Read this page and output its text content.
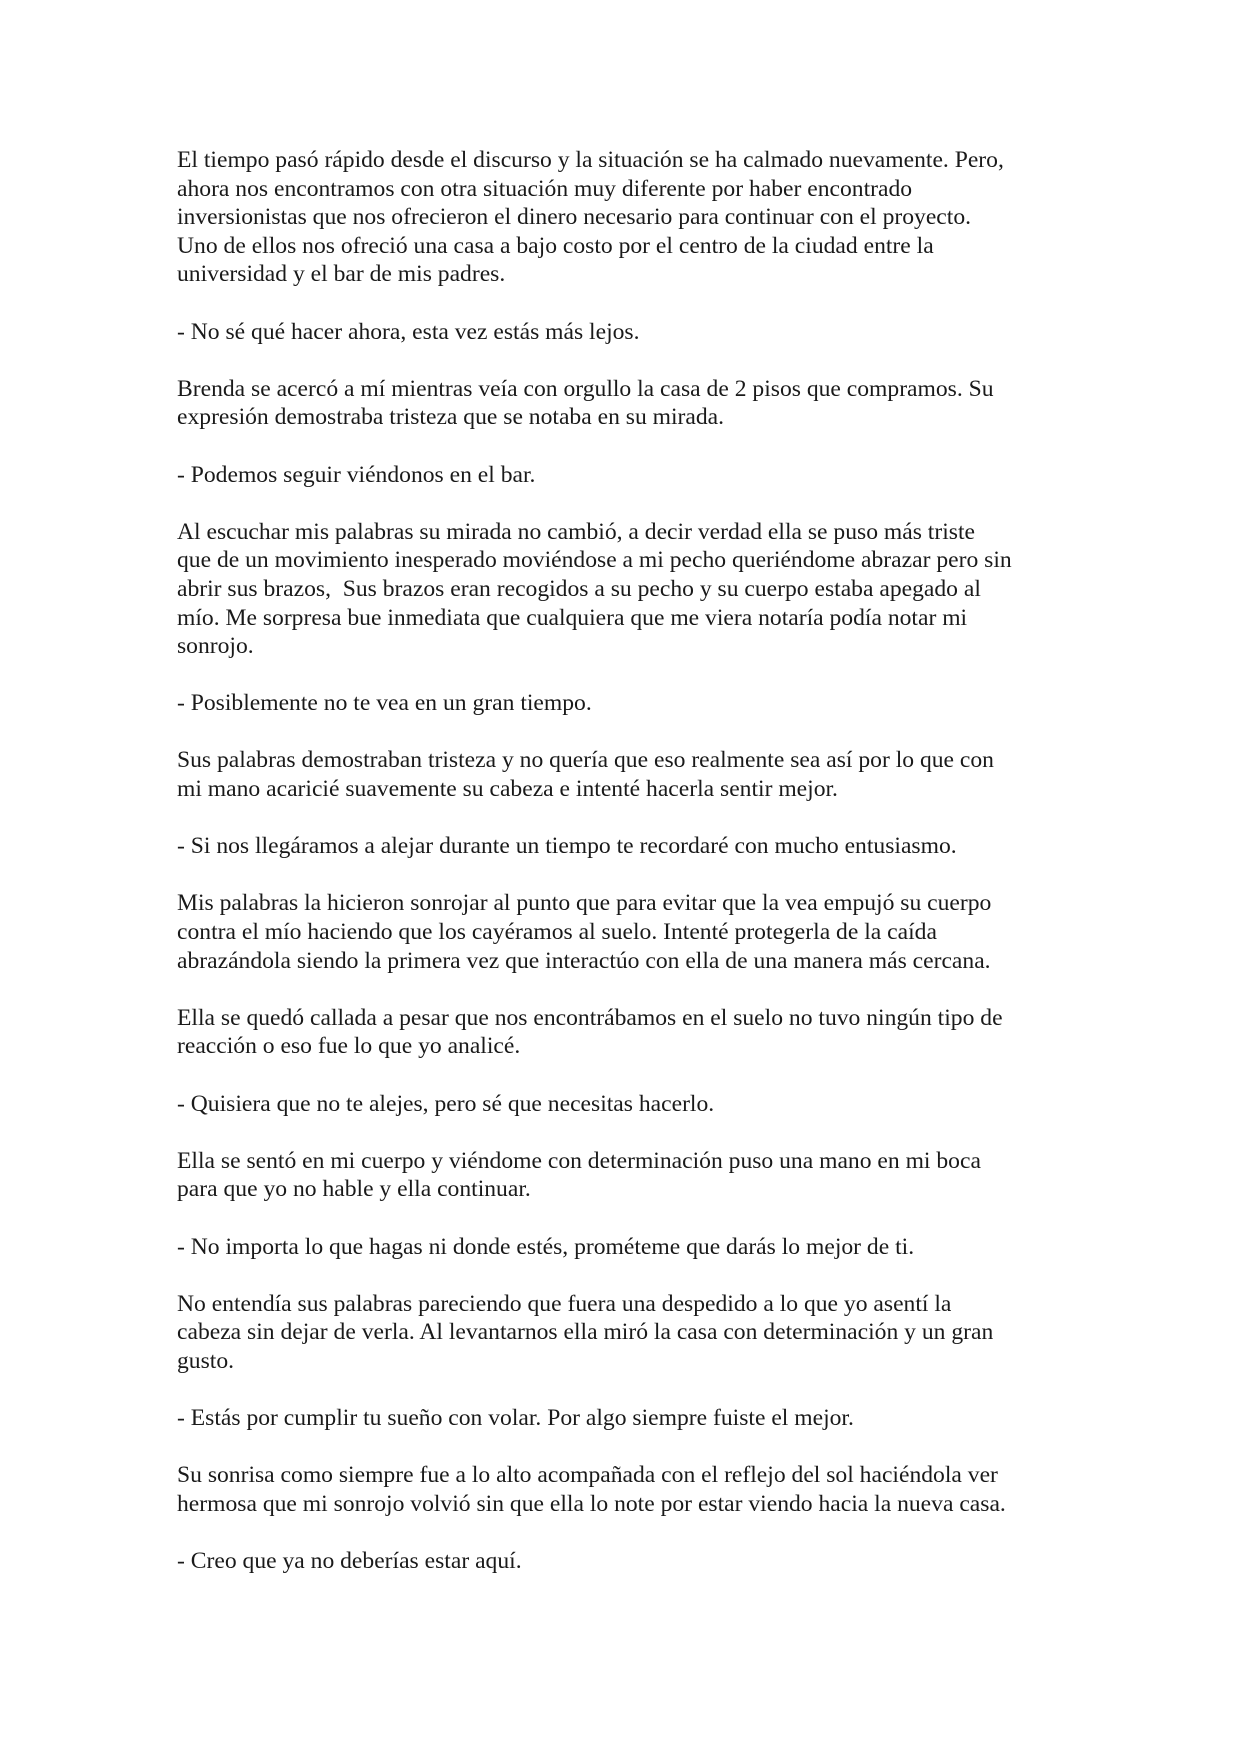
El tiempo pasó rápido desde el discurso y la situación se ha calmado nuevamente. Pero,
ahora nos encontramos con otra situación muy diferente por haber encontrado
inversionistas que nos ofrecieron el dinero necesario para continuar con el proyecto.
Uno de ellos nos ofreció una casa a bajo costo por el centro de la ciudad entre la
universidad y el bar de mis padres.
- No sé qué hacer ahora, esta vez estás más lejos.
Brenda se acercó a mí mientras veía con orgullo la casa de 2 pisos que compramos. Su
expresión demostraba tristeza que se notaba en su mirada.
- Podemos seguir viéndonos en el bar.
Al escuchar mis palabras su mirada no cambió, a decir verdad ella se puso más triste
que de un movimiento inesperado moviéndose a mi pecho queriéndome abrazar pero sin
abrir sus brazos,  Sus brazos eran recogidos a su pecho y su cuerpo estaba apegado al
mío. Me sorpresa bue inmediata que cualquiera que me viera notaría podía notar mi
sonrojo.
- Posiblemente no te vea en un gran tiempo.
Sus palabras demostraban tristeza y no quería que eso realmente sea así por lo que con
mi mano acaricié suavemente su cabeza e intenté hacerla sentir mejor.
- Si nos llegáramos a alejar durante un tiempo te recordaré con mucho entusiasmo.
Mis palabras la hicieron sonrojar al punto que para evitar que la vea empujó su cuerpo
contra el mío haciendo que los cayéramos al suelo. Intenté protegerla de la caída
abrazándola siendo la primera vez que interactúo con ella de una manera más cercana.
Ella se quedó callada a pesar que nos encontrábamos en el suelo no tuvo ningún tipo de
reacción o eso fue lo que yo analicé.
- Quisiera que no te alejes, pero sé que necesitas hacerlo.
Ella se sentó en mi cuerpo y viéndome con determinación puso una mano en mi boca
para que yo no hable y ella continuar.
- No importa lo que hagas ni donde estés, prométeme que darás lo mejor de ti.
No entendía sus palabras pareciendo que fuera una despedido a lo que yo asentí la
cabeza sin dejar de verla. Al levantarnos ella miró la casa con determinación y un gran
gusto.
- Estás por cumplir tu sueño con volar. Por algo siempre fuiste el mejor.
Su sonrisa como siempre fue a lo alto acompañada con el reflejo del sol haciéndola ver
hermosa que mi sonrojo volvió sin que ella lo note por estar viendo hacia la nueva casa.
- Creo que ya no deberías estar aquí.
